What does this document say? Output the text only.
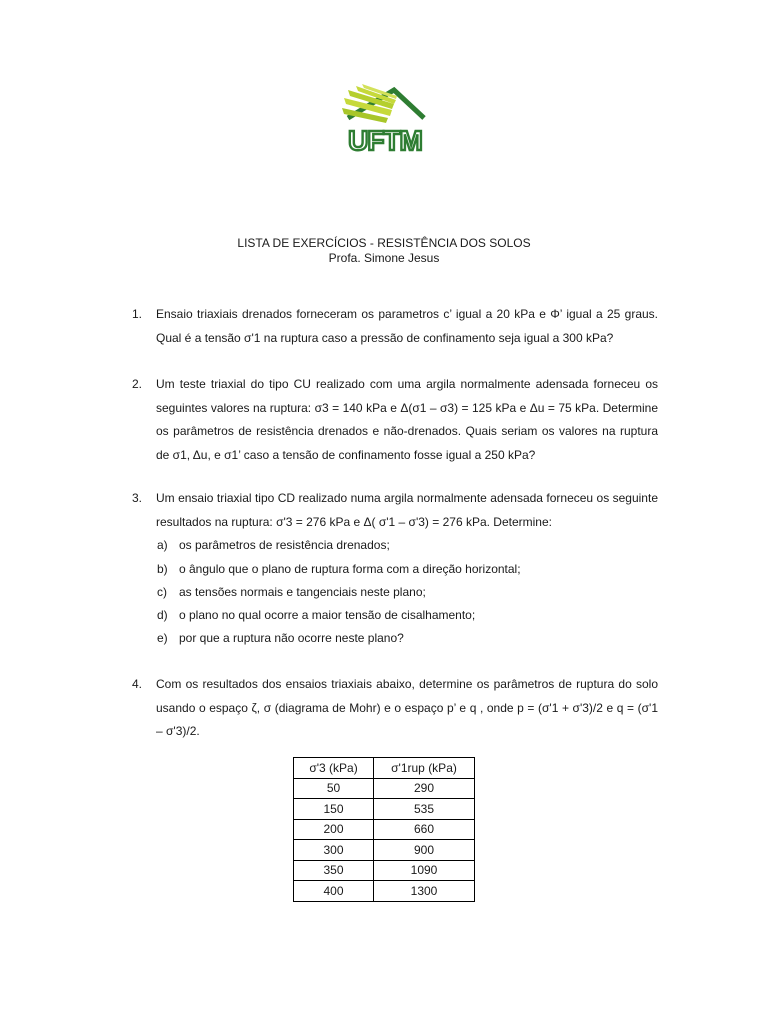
UFTM
LISTA DE EXERCÍCIOS - RESISTÊNCIA DOS SOLOS
Profa. Simone Jesus
1. Ensaio triaxiais drenados forneceram os parametros c’ igual a 20 kPa e Φ’ igual a 25 graus. Qual é a tensão σ'1 na ruptura caso a pressão de confinamento seja igual a 300 kPa?
2. Um teste triaxial do tipo CU realizado com uma argila normalmente adensada forneceu os seguintes valores na ruptura: σ3 = 140 kPa e Δ(σ1 – σ3) = 125 kPa e Δu = 75 kPa. Determine os parâmetros de resistência drenados e não-drenados. Quais seriam os valores na ruptura de σ1, Δu, e σ1’ caso a tensão de confinamento fosse igual a 250 kPa?
3. Um ensaio triaxial tipo CD realizado numa argila normalmente adensada forneceu os seguinte resultados na ruptura: σ'3 = 276 kPa e Δ( σ'1 – σ'3) = 276 kPa. Determine:
a) os parâmetros de resistência drenados;
b) o ângulo que o plano de ruptura forma com a direção horizontal;
c) as tensões normais e tangenciais neste plano;
d) o plano no qual ocorre a maior tensão de cisalhamento;
e) por que a ruptura não ocorre neste plano?
4. Com os resultados dos ensaios triaxiais abaixo, determine os parâmetros de ruptura do solo usando o espaço ζ, σ (diagrama de Mohr) e o espaço p’ e q , onde p = (σ'1 + σ'3)/2 e q = (σ'1 – σ'3)/2.
σ'3 (kPa)	σ'1rup (kPa)
50	290
150	535
200	660
300	900
350	1090
400	1300
